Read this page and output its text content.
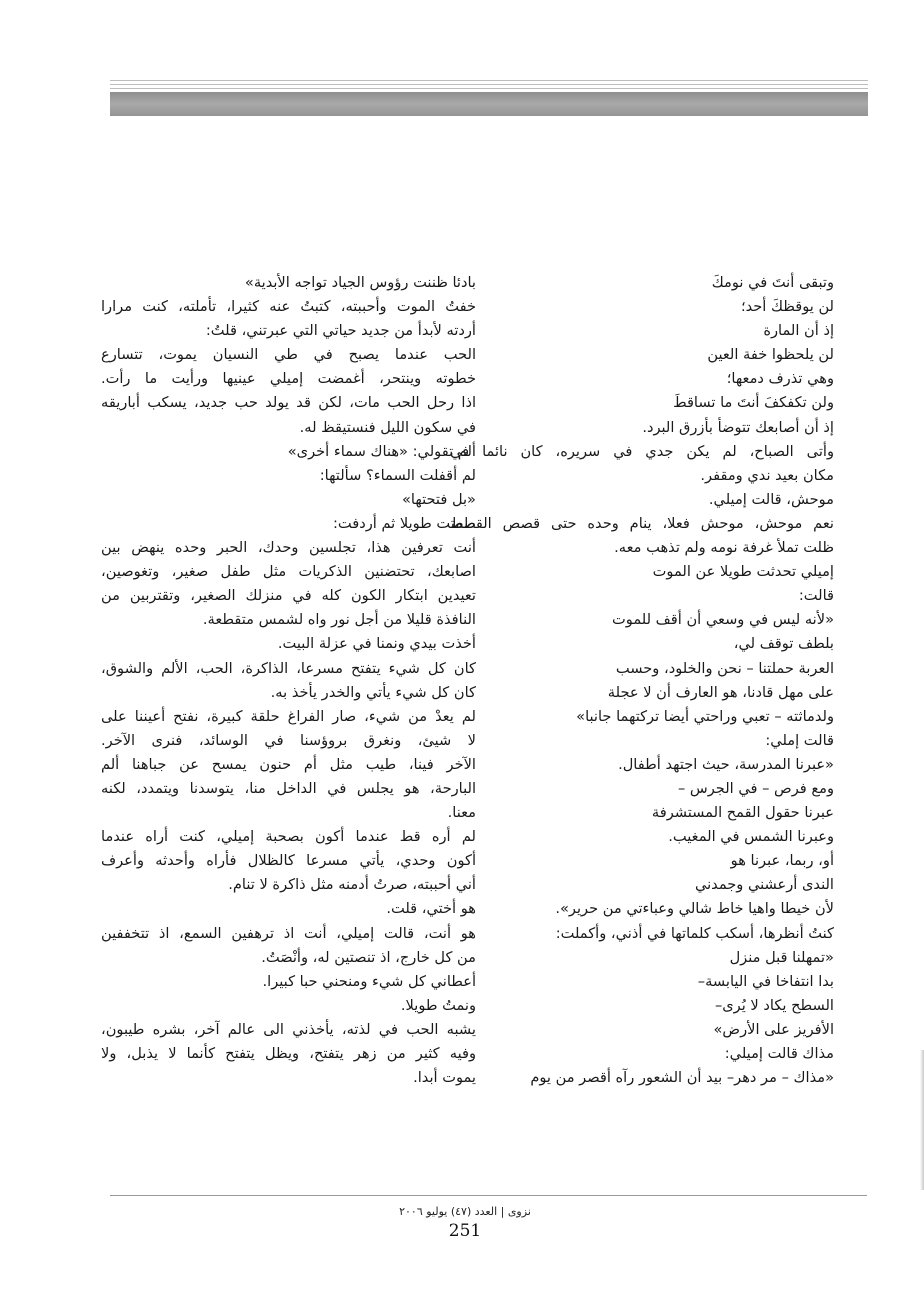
وتبقى أنتَ في نومكَ
لن يوقظكَ أحد؛
إذ أن المارة
لن يلحظوا خفة العين
وهي تذرف دمعها؛
ولن تكفكفَ أنتَ ما تساقطَ
إذ أن أصابعك تتوضأ بأزرق البرد.
وأتى الصباح، لم يكن جدي في سريره، كان نائما في
مكان بعيد ندي ومقفر.
موحش، قالت إميلي.
نعم موحش، موحش فعلا، ينام وحده حتى قصص القطط
ظلت تملأ غرفة نومه ولم تذهب معه.
إميلي تحدثت طويلا عن الموت
قالت:
«لأنه ليس في وسعي أن أقف للموت
بلطف توقف لي،
العربة حملتنا – نحن والخلود، وحسب
على مهل قادنا، هو العارف أن لا عجلة
ولدماثته – تعبي وراحتي أيضا تركتهما جانبا»
قالت إملي:
«عبرنا المدرسة، حيث اجتهد أطفال.
ومع فرص – في الجرس –
عبرنا حقول القمح المستشرفة
وعبرنا الشمس في المغيب.
أو، ربما، عبرنا هو
الندى أرعشني وجمدني
لأن خيطا واهيا خاط شالي وعباءتي من حرير».
كنتُ أنظرها، أسكب كلماتها في أذني، وأكملت:
«تمهلنا قبل منزل
بدا انتفاخا في اليابسة–
السطح يكاد لا يُرى–
الأفريز على الأرض»
مذاك قالت إميلي:
«مذاك – مر دهر– بيد أن الشعور رآه أقصر من يوم
بادئا ظننت رؤوس الجياد تواجه الأبدية»
خفتُ الموت وأحببته، كتبتُ عنه كثيرا، تأملته، كنت مرارا
أردته لأبدأ من جديد حياتي التي عبرتني، قلتُ:
الحب عندما يصبح في طي النسيان يموت، تتسارع
خطوته وينتحر، أغمضت إميلي عينيها ورأيت ما رأت.
اذا رحل الحب مات، لكن قد يولد حب جديد، يسكب أباريقه
في سكون الليل فنستيقظ له.
ألم تقولي: «هناك سماء أخرى»
لم أقفلت السماء؟ سألتها:
«بل فتحتها»
صمتت طويلا ثم أردفت:
أنت تعرفين هذا، تجلسين وحدك، الحبر وحده ينهض بين
اصابعك، تحتضنين الذكريات مثل طفل صغير، وتغوصين،
تعيدين ابتكار الكون كله في منزلك الصغير، وتقتربين من
النافذة قليلا من أجل نور واه لشمس متقطعة.
أخذت بيدي ونمنا في عزلة البيت.
كان كل شيء يتفتح مسرعا، الذاكرة، الحب، الألم والشوق،
كان كل شيء يأتي والخدر يأخذ به.
لم يعدْ من شيء، صار الفراغ حلقة كبيرة، نفتح أعيننا على
لا شيئ، ونغرق بروؤسنا في الوسائد، فنرى الآخر.
الآخر فينا، طيب مثل أم حنون يمسح عن جباهنا ألم
البارحة، هو يجلس في الداخل منا، يتوسدنا ويتمدد، لكنه
معنا.
لم أره قط عندما أكون بصحبة إميلي، كنت أراه عندما
أكون وحدي، يأتي مسرعا كالظلال فأراه وأحدثه وأعرف
أني أحببته، صرتُ أدمنه مثل ذاكرة لا تنام.
هو أختي، قلت.
هو أنت، قالت إميلي، أنت اذ ترهفين السمع، اذ تتخففين
من كل خارج، اذ تنصتين له، وأنْصَتُ.
أعطاني كل شيء ومنحني حبا كبيرا.
ونمتُ طويلا.
يشبه الحب في لذته، يأخذني الى عالم آخر، بشره طيبون،
وفيه كثير من زهر يتفتح، ويظل يتفتح كأنما لا يذبل، ولا
يموت أبدا.
نزوى | العدد (٤٧) يوليو ٢٠٠٦
251
